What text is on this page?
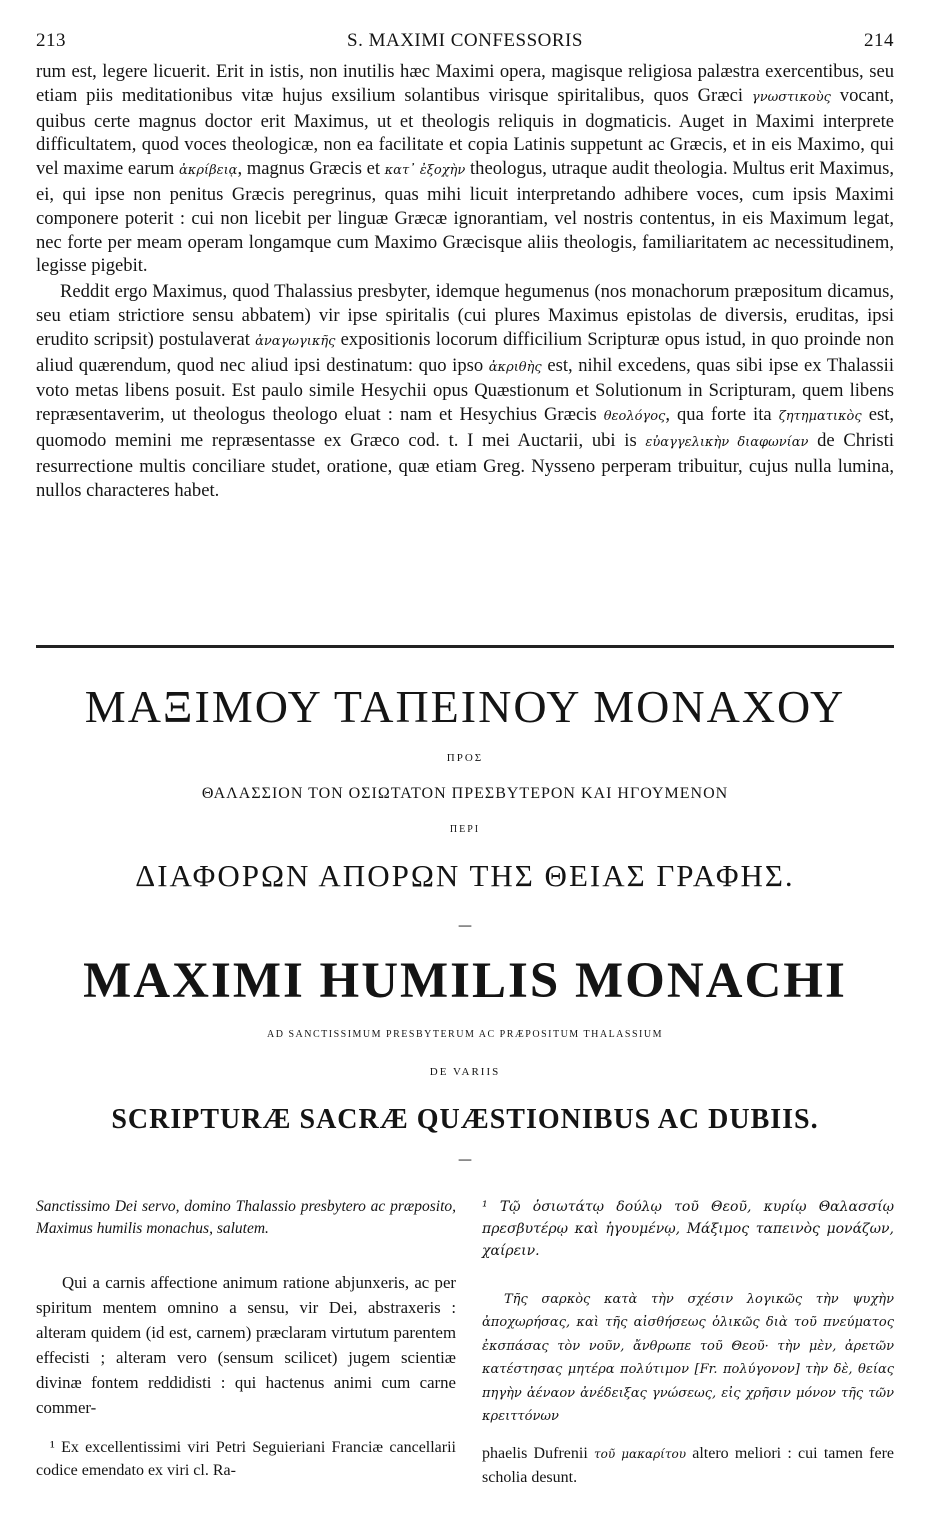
213	S. MAXIMI CONFESSORIS	214

rum est, legere licuerit. Erit in istis, non inutilis hæc Maximi opera, magisque religiosa palæstra exercentibus, seu etiam piis meditationibus vitæ hujus exsilium solantibus virisque spiritalibus, quos Græci γνωστικοὺς vocant, quibus certe magnus doctor erit Maximus, ut et theologis reliquis in dogmaticis. Auget in Maximi interprete difficultatem, quod voces theologicæ, non ea facilitate et copia Latinis suppetunt ac Græcis, et in eis Maximo, qui vel maxime earum ἀκρίβειᾳ, magnus Græcis et κατ᾿ ἐξοχὴν theologus, utraque audit theologia. Multus erit Maximus, ei, qui ipse non penitus Græcis peregrinus, quas mihi licuit interpretando adhibere voces, cum ipsis Maximi componere poterit : cui non licebit per linguæ Græcæ ignorantiam, vel nostris contentus, in eis Maximum legat, nec forte per meam operam longamque cum Maximo Græcisque aliis theologis, familiaritatem ac necessitudinem, legisse pigebit.

Reddit ergo Maximus, quod Thalassius presbyter, idemque hegumenus (nos monachorum præpositum dicamus, seu etiam strictiore sensu abbatem) vir ipse spiritalis (cui plures Maximus epistolas de diversis, eruditas, ipsi erudito scripsit) postulaverat ἀναγωγικῆς expositionis locorum difficilium Scripturæ opus istud, in quo proinde non aliud quærendum, quod nec aliud ipsi destinatum: quo ipso ἀκριθὴς est, nihil excedens, quas sibi ipse ex Thalassii voto metas libens posuit. Est paulo simile Hesychii opus Quæstionum et Solutionum in Scripturam, quem libens repræsentaverim, ut theologus theologo eluat : nam et Hesychius Græcis θεολόγος, qua forte ita ζητηματικὸς est, quomodo memini me repræsentasse ex Græco cod. t. I mei Auctarii, ubi is εὐαγγελικὴν διαφωνίαν de Christi resurrectione multis conciliare studet, oratione, quæ etiam Greg. Nysseno perperam tribuitur, cujus nulla lumina, nullos characteres habet.

ΜΑΞΙΜΟΥ ΤΑΠΕΙΝΟΥ ΜΟΝΑΧΟΥ
ΠΡΟΣ
ΘΑΛΑΣΣΙΟΝ ΤΟΝ ΟΣΙΩΤΑΤΟΝ ΠΡΕΣΒΥΤΕΡΟΝ ΚΑΙ ΗΓΟΥΜΕΝΟΝ
ΠΕΡΙ
ΔΙΑΦΟΡΩΝ ΑΠΟΡΩΝ ΤΗΣ ΘΕΙΑΣ ΓΡΑΦΗΣ.
—
MAXIMI HUMILIS MONACHI
AD SANCTISSIMUM PRESBYTERUM AC PRÆPOSITUM THALASSIUM
DE VARIIS
SCRIPTURÆ SACRÆ QUÆSTIONIBUS AC DUBIIS.
—

Sanctissimo Dei servo, domino Thalassio presbytero ac præposito, Maximus humilis monachus, salutem.

Qui a carnis affectione animum ratione abjunxeris, ac per spiritum mentem omnino a sensu, vir Dei, abstraxeris : alteram quidem (id est, carnem) præclaram virtutum parentem effecisti ; alteram vero (sensum scilicet) jugem scientiæ divinæ fontem reddidisti : qui hactenus animi cum carne commer-

¹ Ex excellentissimi viri Petri Seguieriani Franciæ cancellarii codice emendato ex viri cl. Ra-

¹ Τῷ ὁσιωτάτῳ δούλῳ τοῦ Θεοῦ, κυρίῳ Θαλασσίῳ πρεσβυτέρῳ καὶ ἡγουμένῳ, Μάξιμος ταπεινὸς μονάζων, χαίρειν.

Τῆς σαρκὸς κατὰ τὴν σχέσιν λογικῶς τὴν ψυχὴν ἀποχωρήσας, καὶ τῆς αἰσθήσεως ὁλικῶς διὰ τοῦ πνεύματος ἐκσπάσας τὸν νοῦν, ἄνθρωπε τοῦ Θεοῦ· τὴν μὲν, ἀρετῶν κατέστησας μητέρα πολύτιμον [Fr. πολύγονον] τὴν δὲ, θείας πηγὴν ἀέναον ἀνέδειξας γνώσεως, εἰς χρῆσιν μόνον τῆς τῶν κρειττόνων

phaelis Dufrenii τοῦ μακαρίτου altero meliori : cui tamen fere scholia desunt.
